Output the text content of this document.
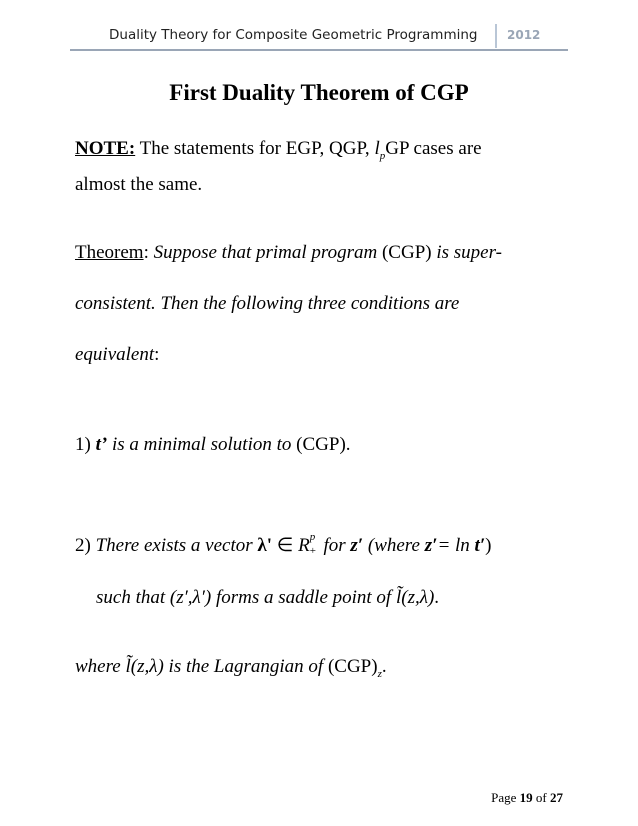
Duality Theory for Composite Geometric Programming 2012
First Duality Theorem of CGP
NOTE: The statements for EGP, QGP, $l_pGP$ cases are
almost the same.
Theorem: Suppose that primal program (CGP) is super-
consistent. Then the following three conditions are
equivalent:
1) t’ is a minimal solution to (CGP).
2) There exists a vector λ' ∈ R p
+ for z′ (where z′= ln t′)
such that (z′,λ′) forms a saddle point of l̃(z,λ).
where l̃(z,λ) is the Lagrangian of $(CGP)_z$.
Page 19 of 27
